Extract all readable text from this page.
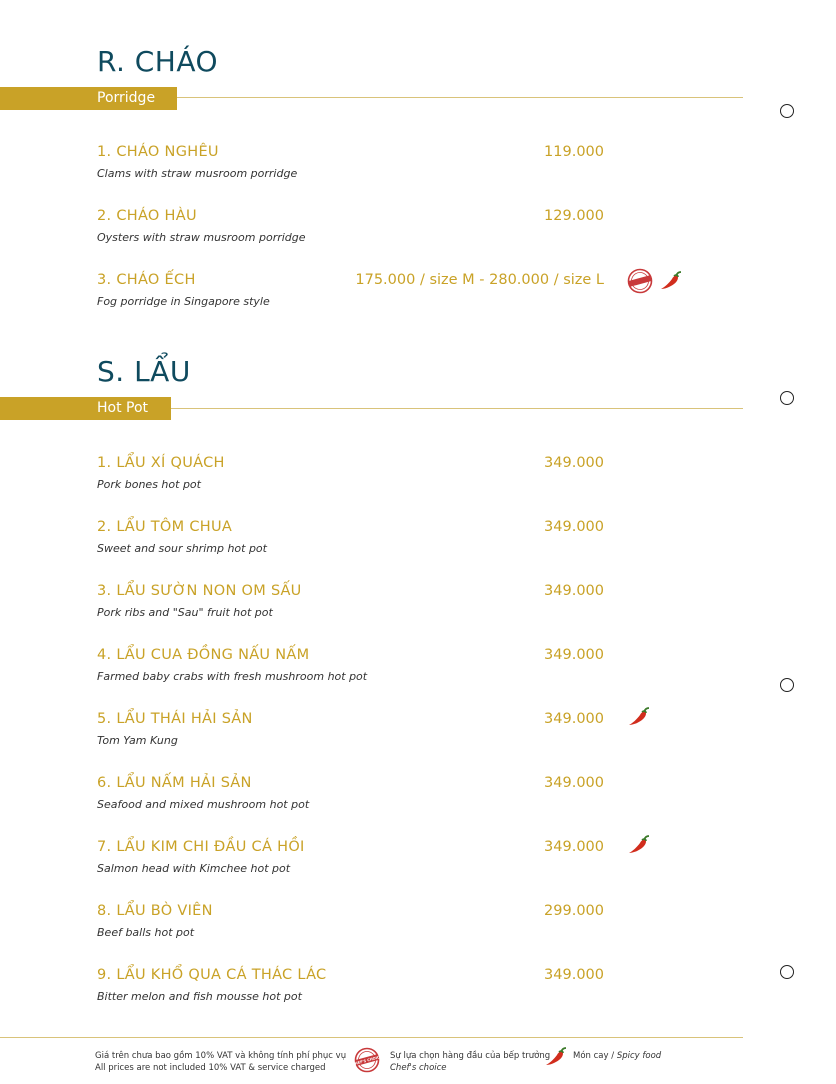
R. CHÁO
Porridge
1. CHÁO NGHÊU	119.000
Clams with straw musroom porridge
2. CHÁO HÀU	129.000
Oysters with straw musroom porridge
3. CHÁO ẾCH	175.000 / size M - 280.000 / size L
Fog porridge in Singapore style
S. LẨU
Hot Pot
1. LẨU XÍ QUÁCH	349.000
Pork bones hot pot
2. LẨU TÔM CHUA	349.000
Sweet and sour shrimp hot pot
3. LẨU SƯỜN NON OM SẤU	349.000
Pork ribs and "Sau" fruit hot pot
4. LẨU CUA ĐỒNG NẤU NẤM	349.000
Farmed baby crabs with fresh mushroom hot pot
5. LẨU THÁI HẢI SẢN	349.000
Tom Yam Kung
6. LẨU NẤM HẢI SẢN	349.000
Seafood and mixed mushroom hot pot
7. LẨU KIM CHI ĐẦU CÁ HỒI	349.000
Salmon head with Kimchee hot pot
8. LẨU BÒ VIÊN	299.000
Beef balls hot pot
9. LẨU KHỔ QUA CÁ THÁC LÁC	349.000
Bitter melon and fish mousse hot pot
Giá trên chưa bao gồm 10% VAT và không tính phí phục vụ
All prices are not included 10% VAT & service charged
CHEF'S CHOICE Sự lựa chọn hàng đầu của bếp trưởng
Chef's choice
Món cay / Spicy food
